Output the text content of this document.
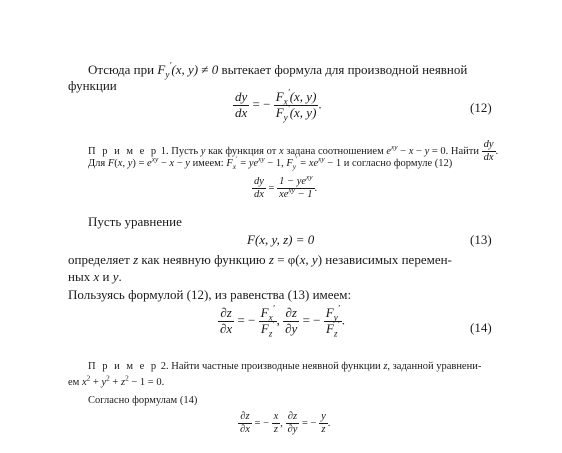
Отсюда при $F_y'(x$, y) ≠ 0 вытекает формула для производной неявной
функции
$\frac{dy}{dx}$ = − $\frac{F_x'(x, y)}{F_y'(x, y)}$ .	(12)
П р и м е р 1. Пусть y как функция от x задана соотношением $e^{xy} - x - y = 0$. Найти $\frac{dy}{dx}$ .
Для F(x, $y) = e^{xy} - x - y$ имеем: $F_x' = ye^{xy} - 1$, $F_y' = xe^{xy} - 1$ и согласно формуле (12)
$\frac{dy}{dx} = \frac{1 - ye^{xy}}{xe^{xy} - 1}$ .
Пусть уравнение
F(x, y, z) = 0	(13)
определяет z как неявную функцию z = φ(x, y) независимых перемен-
ных x и y.
Пользуясь формулой (12), из равенства (13) имеем:
$\frac{\partial z}{\partial x}$ = − $\frac{F_x'}{F_z'}$ , $\frac{\partial z}{\partial y}$ = − $\frac{F_y'}{F_z'}$ .
(14)
П р и м е р 2. Найти частные производные неявной функции z, заданной уравнени-
ем $x^2 + y^2 + z^2 - 1 = 0$.
Согласно формулам (14)
$\frac{\partial z}{\partial x}$ = − $\frac{x}{z}$ , $\frac{\partial z}{\partial y}$ = − $\frac{y}{z}$ .
